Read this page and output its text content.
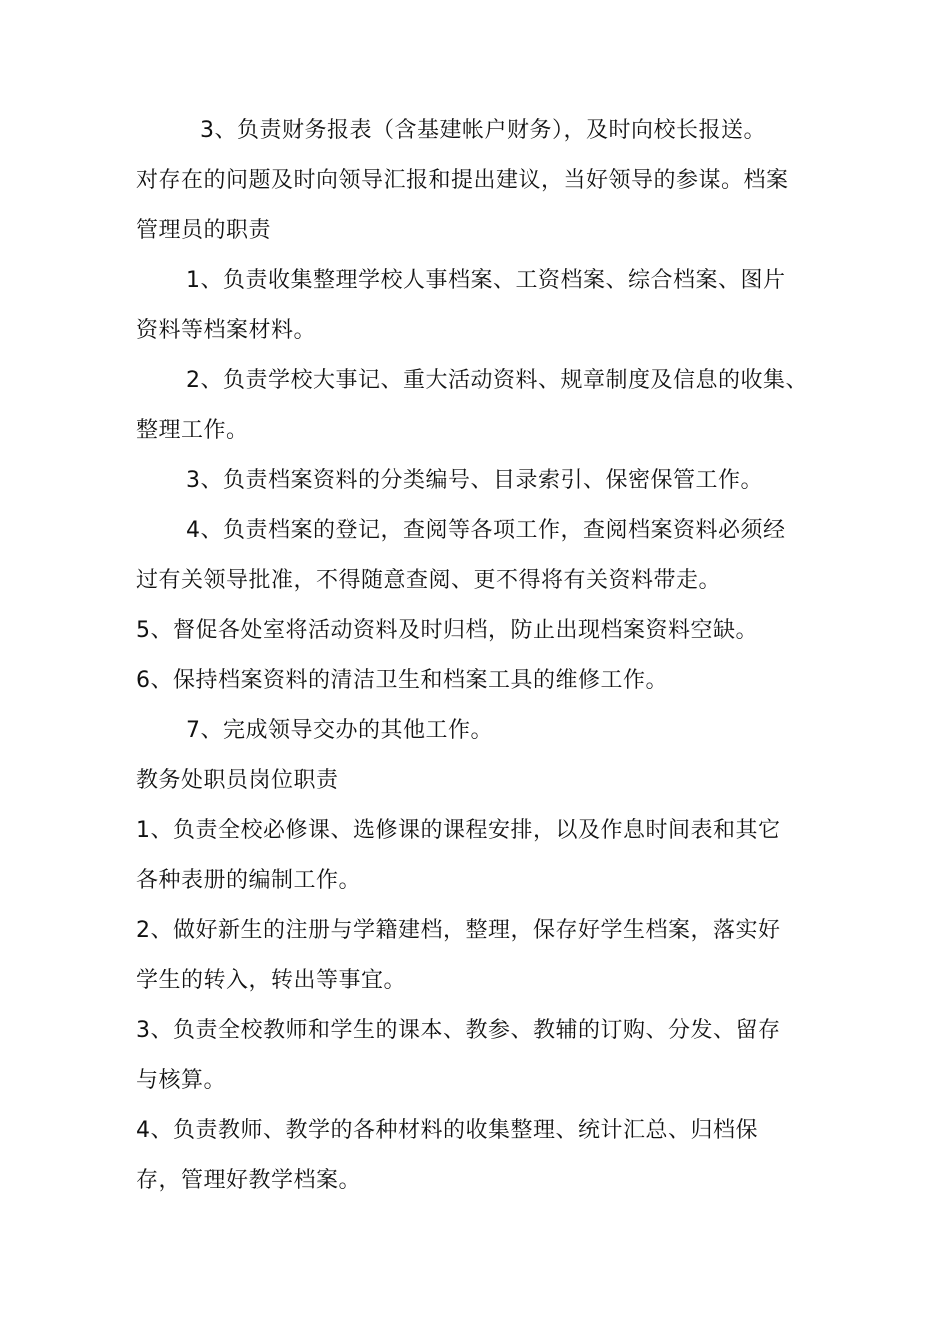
3、负责财务报表（含基建帐户财务），及时向校长报送。
对存在的问题及时向领导汇报和提出建议，当好领导的参谋。档案
管理员的职责
1、负责收集整理学校人事档案、工资档案、综合档案、图片
资料等档案材料。
2、负责学校大事记、重大活动资料、规章制度及信息的收集、
整理工作。
3、负责档案资料的分类编号、目录索引、保密保管工作。
4、负责档案的登记，查阅等各项工作，查阅档案资料必须经
过有关领导批准，不得随意查阅、更不得将有关资料带走。
5、督促各处室将活动资料及时归档，防止出现档案资料空缺。
6、保持档案资料的清洁卫生和档案工具的维修工作。
7、完成领导交办的其他工作。
教务处职员岗位职责
1、负责全校必修课、选修课的课程安排，以及作息时间表和其它
各种表册的编制工作。
2、做好新生的注册与学籍建档，整理，保存好学生档案，落实好
学生的转入，转出等事宜。
3、负责全校教师和学生的课本、教参、教辅的订购、分发、留存
与核算。
4、负责教师、教学的各种材料的收集整理、统计汇总、归档保
存，管理好教学档案。
